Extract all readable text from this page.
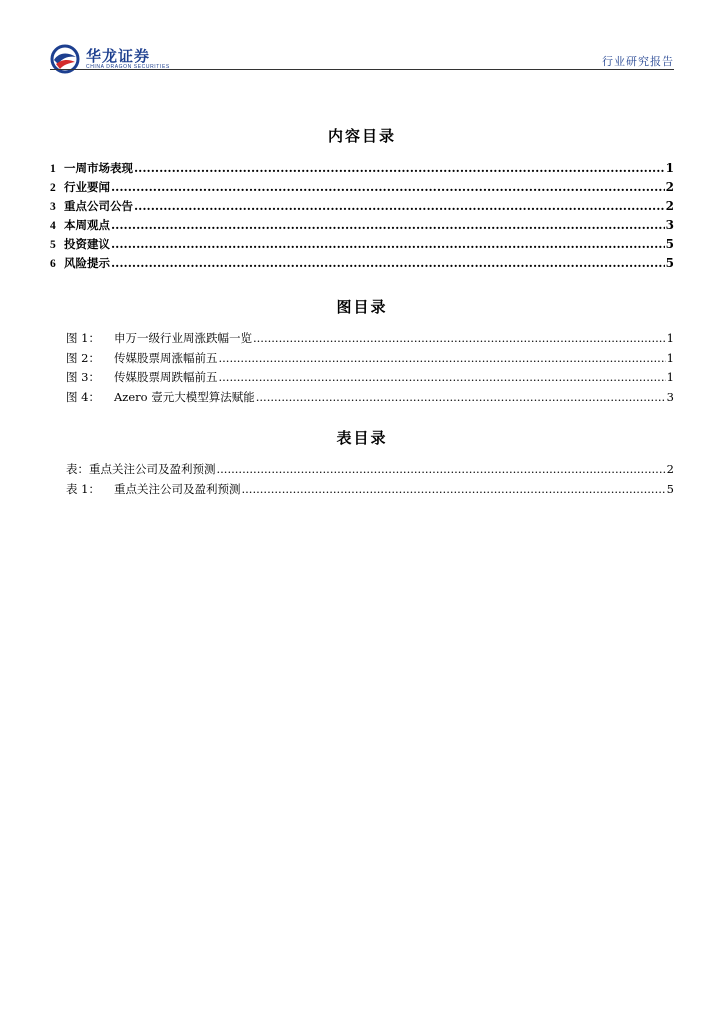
华龙证券
CHINA DRAGON SECURITIES	行业研究报告
内容目录
1 一周市场表现 .....	1
2 行业要闻 .....	2
3 重点公司公告 .....	2
4 本周观点 .....	3
5 投资建议 .....	5
6 风险提示 .....	5
图目录
图 1： 申万一级行业周涨跌幅一览 .....	1
图 2： 传媒股票周涨幅前五 .....	1
图 3： 传媒股票周跌幅前五 .....	1
图 4： Azero 壹元大模型算法赋能 .....	3
表目录
表：重点关注公司及盈利预测 .....	2
表 1： 重点关注公司及盈利预测 .....	5
